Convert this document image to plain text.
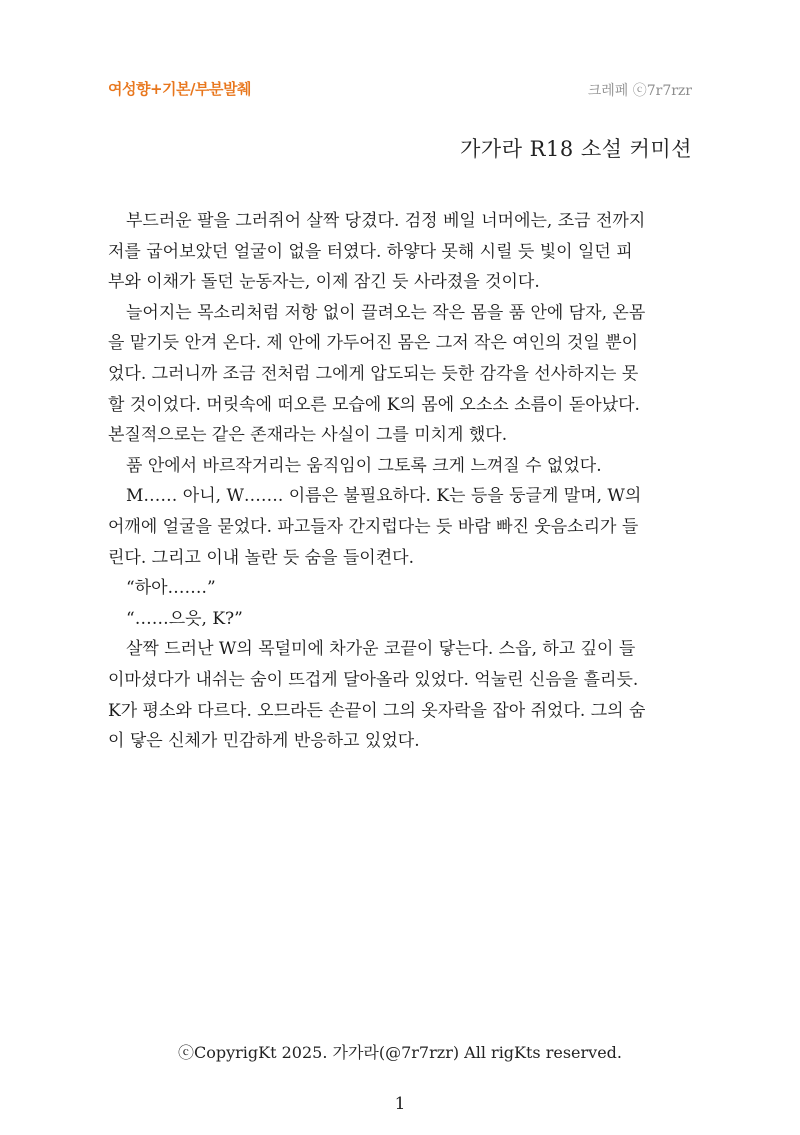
여성향+기본/부분발췌	크레페 ⓒ7r7rzr
가가라 R18 소설 커미션

부드러운 팔을 그러쥐어 살짝 당겼다. 검정 베일 너머에는, 조금 전까지
저를 굽어보았던 얼굴이 없을 터였다. 하얗다 못해 시릴 듯 빛이 일던 피
부와 이채가 돌던 눈동자는, 이제 잠긴 듯 사라졌을 것이다.

늘어지는 목소리처럼 저항 없이 끌려오는 작은 몸을 품 안에 담자, 온몸
을 맡기듯 안겨 온다. 제 안에 가두어진 몸은 그저 작은 여인의 것일 뿐이
었다. 그러니까 조금 전처럼 그에게 압도되는 듯한 감각을 선사하지는 못
할 것이었다. 머릿속에 떠오른 모습에 K의 몸에 오소소 소름이 돋아났다.
본질적으로는 같은 존재라는 사실이 그를 미치게 했다.

품 안에서 바르작거리는 움직임이 그토록 크게 느껴질 수 없었다.

M…… 아니, W……. 이름은 불필요하다. K는 등을 둥글게 말며, W의
어깨에 얼굴을 묻었다. 파고들자 간지럽다는 듯 바람 빠진 웃음소리가 들
린다. 그리고 이내 놀란 듯 숨을 들이켠다.

“하아…….”

“……으읏, K?”

살짝 드러난 W의 목덜미에 차가운 코끝이 닿는다. 스읍, 하고 깊이 들
이마셨다가 내쉬는 숨이 뜨겁게 달아올라 있었다. 억눌린 신음을 흘리듯.
K가 평소와 다르다. 오므라든 손끝이 그의 옷자락을 잡아 쥐었다. 그의 숨
이 닿은 신체가 민감하게 반응하고 있었다.

ⓒCopyrigKt 2025. 가가라(@7r7rzr) All rigKts reserved.
1
